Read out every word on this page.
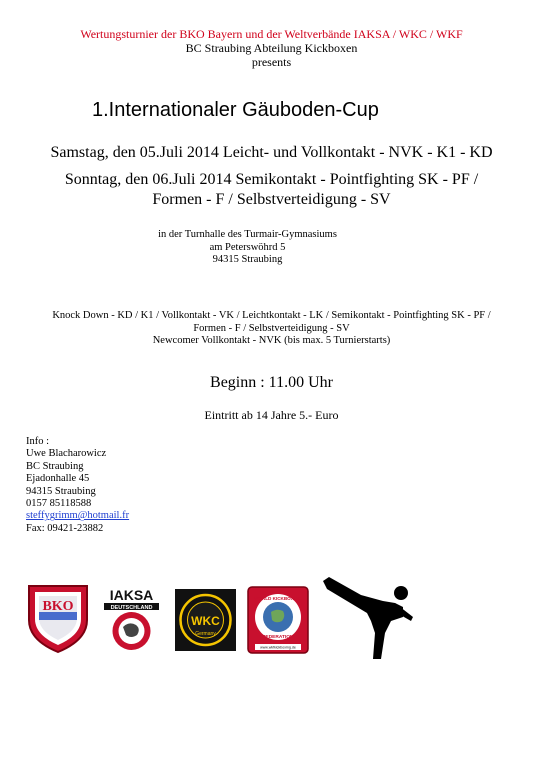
Wertungsturnier der BKO Bayern und der Weltverbände IAKSA / WKC / WKF
BC Straubing Abteilung Kickboxen
presents
1.Internationaler Gäuboden-Cup
Samstag, den 05.Juli 2014 Leicht- und Vollkontakt - NVK - K1 - KD
Sonntag, den 06.Juli 2014 Semikontakt - Pointfighting SK - PF /
Formen - F / Selbstverteidigung - SV
in der Turnhalle des Turmair-Gymnasiums
am Peterswöhrd 5
94315 Straubing
Knock Down - KD / K1 / Vollkontakt - VK / Leichtkontakt - LK / Semikontakt - Pointfighting SK - PF /
Formen - F / Selbstverteidigung - SV
Newcomer Vollkontakt - NVK (bis max. 5 Turnierstarts)
Beginn : 11.00 Uhr
Eintritt ab 14 Jahre 5.- Euro
Info :
Uwe Blacharowicz
BC Straubing
Ejadonhalle 45
94315 Straubing
0157 85118588
steffygrimm@hotmail.fr
Fax: 09421-23882
BKO
IAKSA
DEUTSCHLAND
WKC
Germany
WORLD KICKBOXING
FEDERATION
www.wkfkickboxing.de
